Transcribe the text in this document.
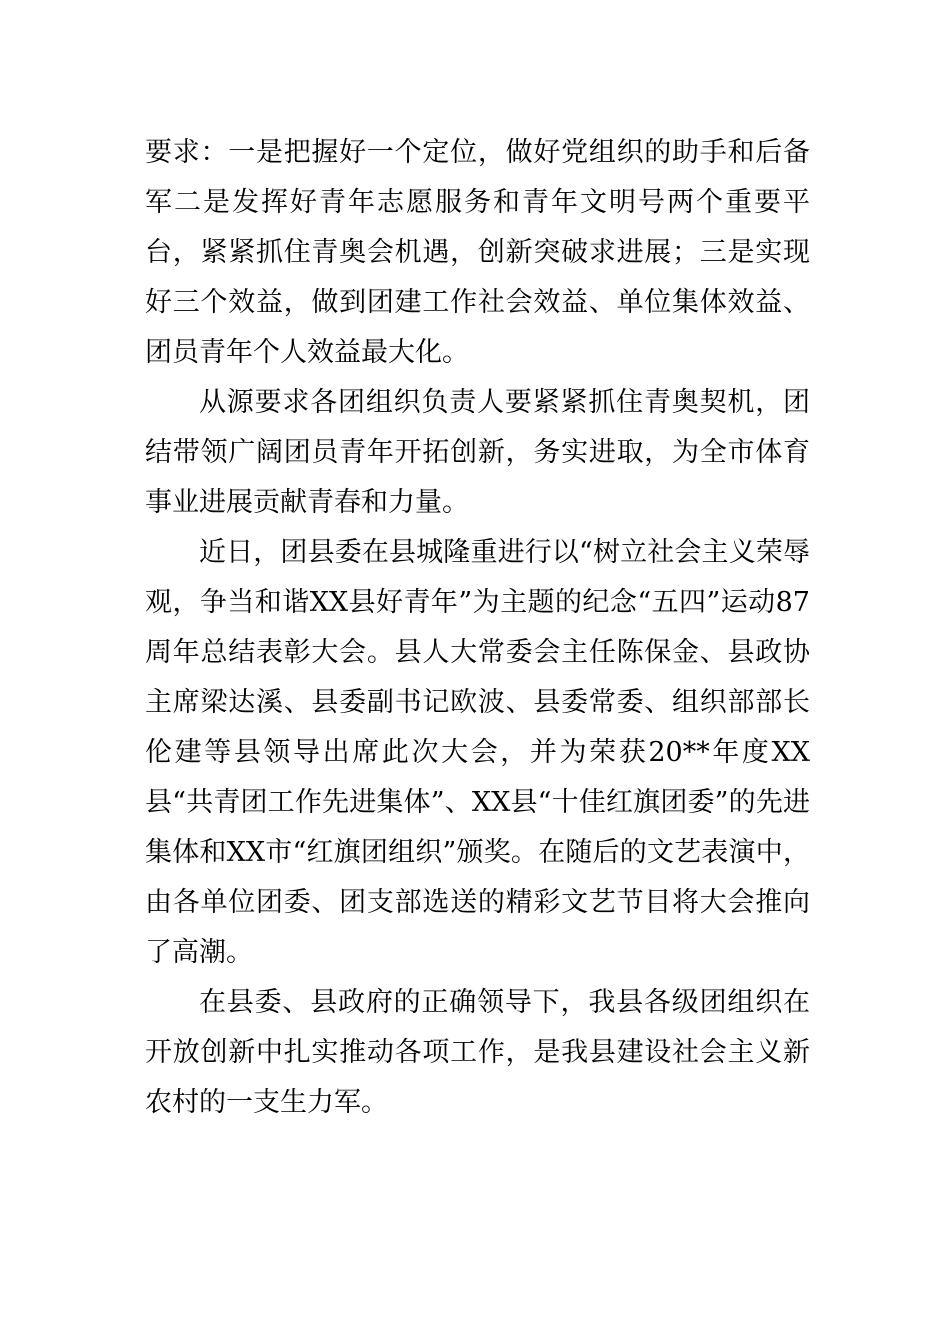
要求：一是把握好一个定位，做好党组织的助手和后备军二是发挥好青年志愿服务和青年文明号两个重要平台，紧紧抓住青奥会机遇，创新突破求进展；三是实现好三个效益，做到团建工作社会效益、单位集体效益、团员青年个人效益最大化。

从源要求各团组织负责人要紧紧抓住青奥契机，团结带领广阔团员青年开拓创新，务实进取，为全市体育事业进展贡献青春和力量。

近日，团县委在县城隆重进行以“树立社会主义荣辱观，争当和谐XX县好青年”为主题的纪念“五四”运动87周年总结表彰大会。县人大常委会主任陈保金、县政协主席梁达溪、县委副书记欧波、县委常委、组织部部长伦建等县领导出席此次大会，并为荣获20**年度XX县“共青团工作先进集体”、XX县“十佳红旗团委”的先进集体和XX市“红旗团组织”颁奖。在随后的文艺表演中，由各单位团委、团支部选送的精彩文艺节目将大会推向了高潮。

在县委、县政府的正确领导下，我县各级团组织在开放创新中扎实推动各项工作，是我县建设社会主义新农村的一支生力军。
